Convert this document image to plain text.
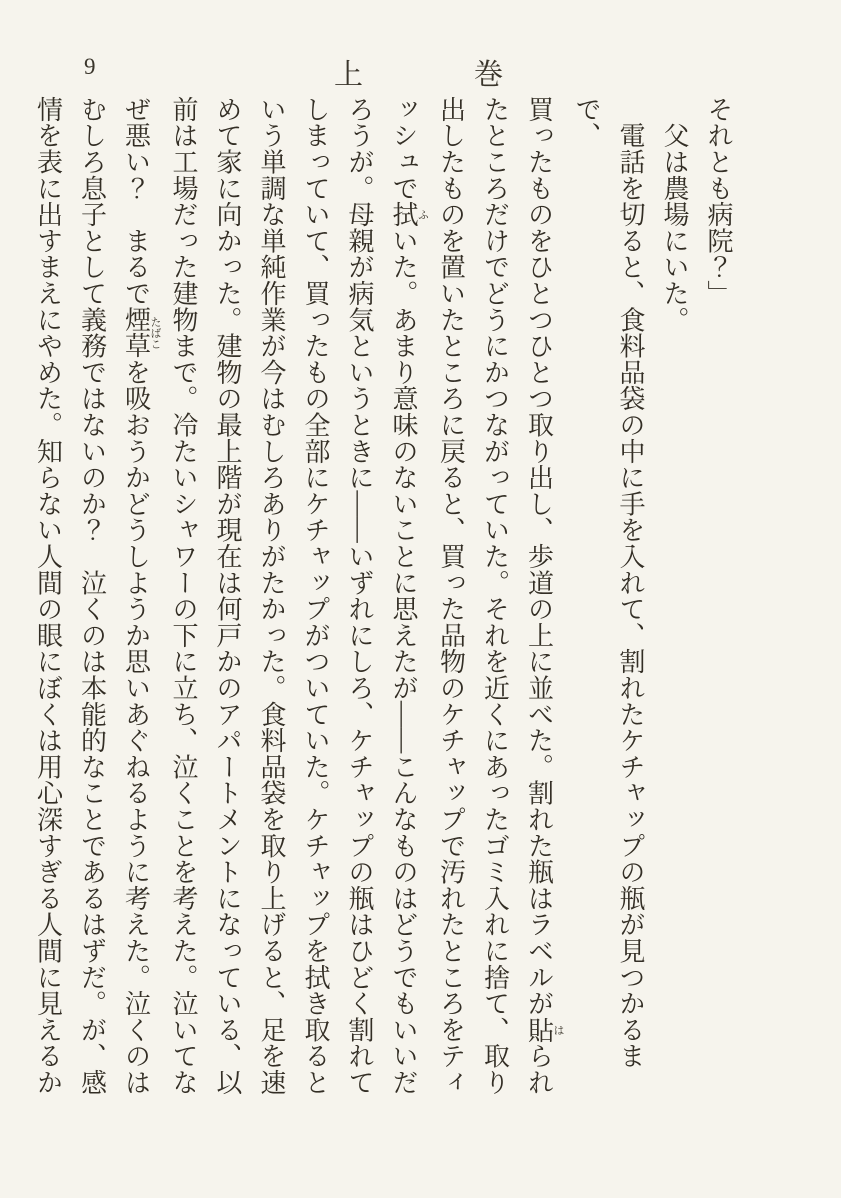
9	上	巻

それとも病院？」

　父は農場にいた。

　電話を切ると、食料品袋の中に手を入れて、割れたケチャップの瓶が見つかるまで、

買ったものをひとつひとつ取り出し、歩道の上に並べた。割れた瓶はラベルが貼はられ

たところだけでどうにかつながっていた。それを近くにあったゴミ入れに捨て、取り

出したものを置いたところに戻ると、買った品物のケチャップで汚れたところをティ

ッシュで拭ふいた。あまり意味のないことに思えたが――こんなものはどうでもいいだ

ろうが。母親が病気というときに――いずれにしろ、ケチャップの瓶はひどく割れて

しまっていて、買ったもの全部にケチャップがついていた。ケチャップを拭き取ると

いう単調な単純作業が今はむしろありがたかった。食料品袋を取り上げると、足を速

めて家に向かった。建物の最上階が現在は何戸かのアパートメントになっている、以

前は工場だった建物まで。冷たいシャワーの下に立ち、泣くことを考えた。泣いてな

ぜ悪い？　まるで煙草たばこを吸おうかどうしようか思いあぐねるように考えた。泣くのは

むしろ息子として義務ではないのか？　泣くのは本能的なことであるはずだ。が、感

情を表に出すまえにやめた。知らない人間の眼にぼくは用心深すぎる人間に見えるか
